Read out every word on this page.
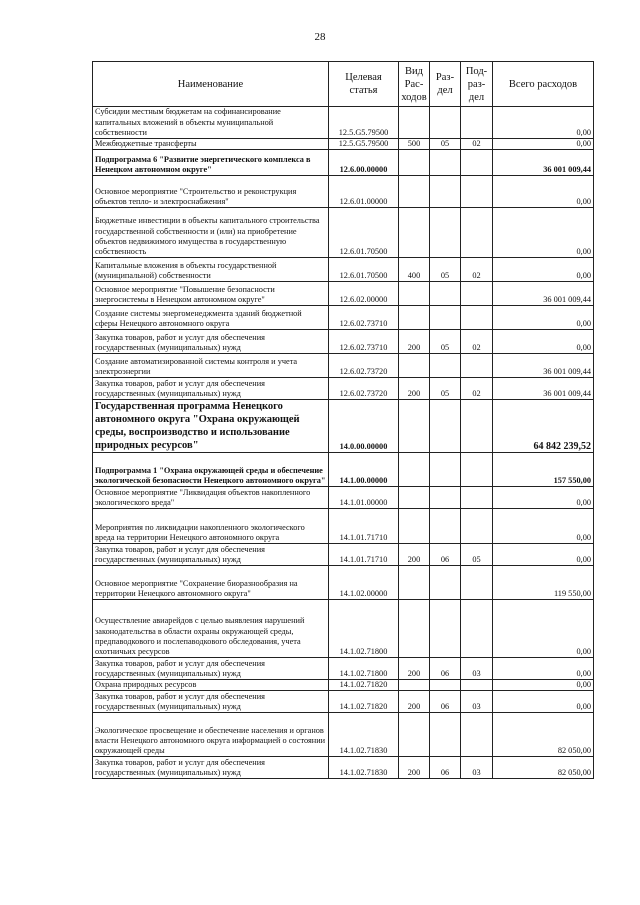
28
Наименование	Целевая статья	Вид Рас-ходов	Раз-дел	Под-раз-дел	Всего расходов
Субсидии местным бюджетам на софинансирование капитальных вложений в объекты муниципальной собственности	12.5.G5.79500				0,00
Межбюджетные трансферты	12.5.G5.79500	500	05	02	0,00
Подпрограмма 6 "Развитие энергетического комплекса в Ненецком автономном округе"	12.6.00.00000				36 001 009,44
Основное мероприятие "Строительство и реконструкция объектов тепло- и электроснабжения"	12.6.01.00000				0,00
Бюджетные инвестиции в объекты капитального строительства государственной собственности и (или) на приобретение объектов недвижимого имущества в государственную собственность	12.6.01.70500				0,00
Капитальные вложения в объекты государственной (муниципальной) собственности	12.6.01.70500	400	05	02	0,00
Основное мероприятие "Повышение безопасности энергосистемы в Ненецком автономном округе"	12.6.02.00000				36 001 009,44
Создание системы энергоменеджмента зданий бюджетной сферы Ненецкого автономного округа	12.6.02.73710				0,00
Закупка товаров, работ и услуг для обеспечения государственных (муниципальных) нужд	12.6.02.73710	200	05	02	0,00
Создание автоматизированной системы контроля и учета электроэнергии	12.6.02.73720				36 001 009,44
Закупка товаров, работ и услуг для обеспечения государственных (муниципальных) нужд	12.6.02.73720	200	05	02	36 001 009,44
Государственная программа Ненецкого автономного округа "Охрана окружающей среды, воспроизводство и использование природных ресурсов"	14.0.00.00000				64 842 239,52
Подпрограмма 1 "Охрана окружающей среды и обеспечение экологической безопасности Ненецкого автономного округа"	14.1.00.00000				157 550,00
Основное мероприятие "Ликвидация объектов накопленного экологического вреда"	14.1.01.00000				0,00
Мероприятия по ликвидации накопленного экологического вреда на территории Ненецкого автономного округа	14.1.01.71710				0,00
Закупка товаров, работ и услуг для обеспечения государственных (муниципальных) нужд	14.1.01.71710	200	06	05	0,00
Основное мероприятие "Сохранение биоразнообразия на территории Ненецкого автономного округа"	14.1.02.00000				119 550,00
Осуществление авиарейдов с целью выявления нарушений законодательства в области охраны окружающей среды, предпаводкового и послепаводкового обследования, учета охотничьих ресурсов	14.1.02.71800				0,00
Закупка товаров, работ и услуг для обеспечения государственных (муниципальных) нужд	14.1.02.71800	200	06	03	0,00
Охрана природных ресурсов	14.1.02.71820				0,00
Закупка товаров, работ и услуг для обеспечения государственных (муниципальных) нужд	14.1.02.71820	200	06	03	0,00
Экологическое просвещение и обеспечение населения и органов власти Ненецкого автономного округа информацией о состоянии окружающей среды	14.1.02.71830				82 050,00
Закупка товаров, работ и услуг для обеспечения государственных (муниципальных) нужд	14.1.02.71830	200	06	03	82 050,00
